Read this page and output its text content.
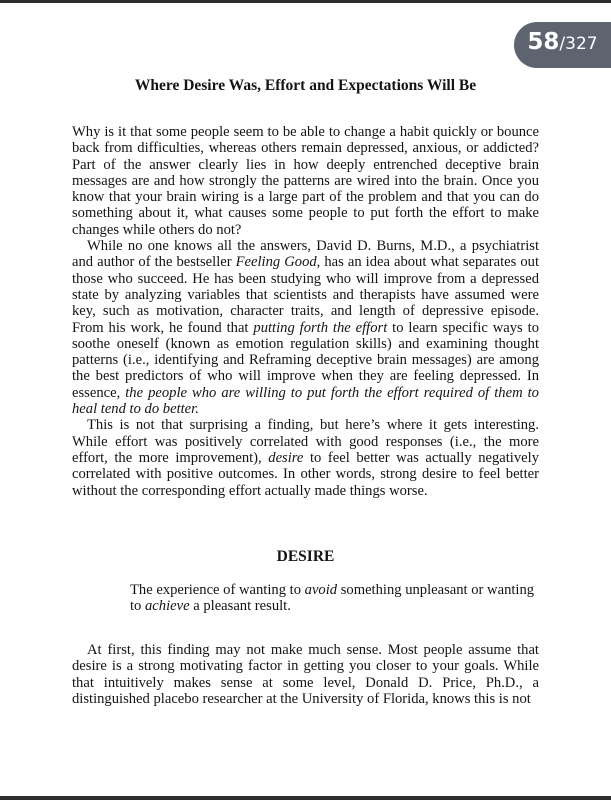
58 /327
Where Desire Was, Effort and Expectations Will Be

Why is it that some people seem to be able to change a habit quickly or bounce back from difficulties, whereas others remain depressed, anxious, or addicted? Part of the answer clearly lies in how deeply entrenched deceptive brain messages are and how strongly the patterns are wired into the brain. Once you know that your brain wiring is a large part of the problem and that you can do something about it, what causes some people to put forth the effort to make changes while others do not?

While no one knows all the answers, David D. Burns, M.D., a psychiatrist and author of the bestseller Feeling Good, has an idea about what separates out those who succeed. He has been studying who will improve from a depressed state by analyzing variables that scientists and therapists have assumed were key, such as motivation, character traits, and length of depressive episode. From his work, he found that putting forth the effort to learn specific ways to soothe oneself (known as emotion regulation skills) and examining thought patterns (i.e., identifying and Reframing deceptive brain messages) are among the best predictors of who will improve when they are feeling depressed. In essence, the people who are willing to put forth the effort required of them to heal tend to do better.

This is not that surprising a finding, but here’s where it gets interesting. While effort was positively correlated with good responses (i.e., the more effort, the more improvement), desire to feel better was actually negatively correlated with positive outcomes. In other words, strong desire to feel better without the corresponding effort actually made things worse.

DESIRE

The experience of wanting to avoid something unpleasant or wanting to achieve a pleasant result.

At first, this finding may not make much sense. Most people assume that desire is a strong motivating factor in getting you closer to your goals. While that intuitively makes sense at some level, Donald D. Price, Ph.D., a distinguished placebo researcher at the University of Florida, knows this is not
